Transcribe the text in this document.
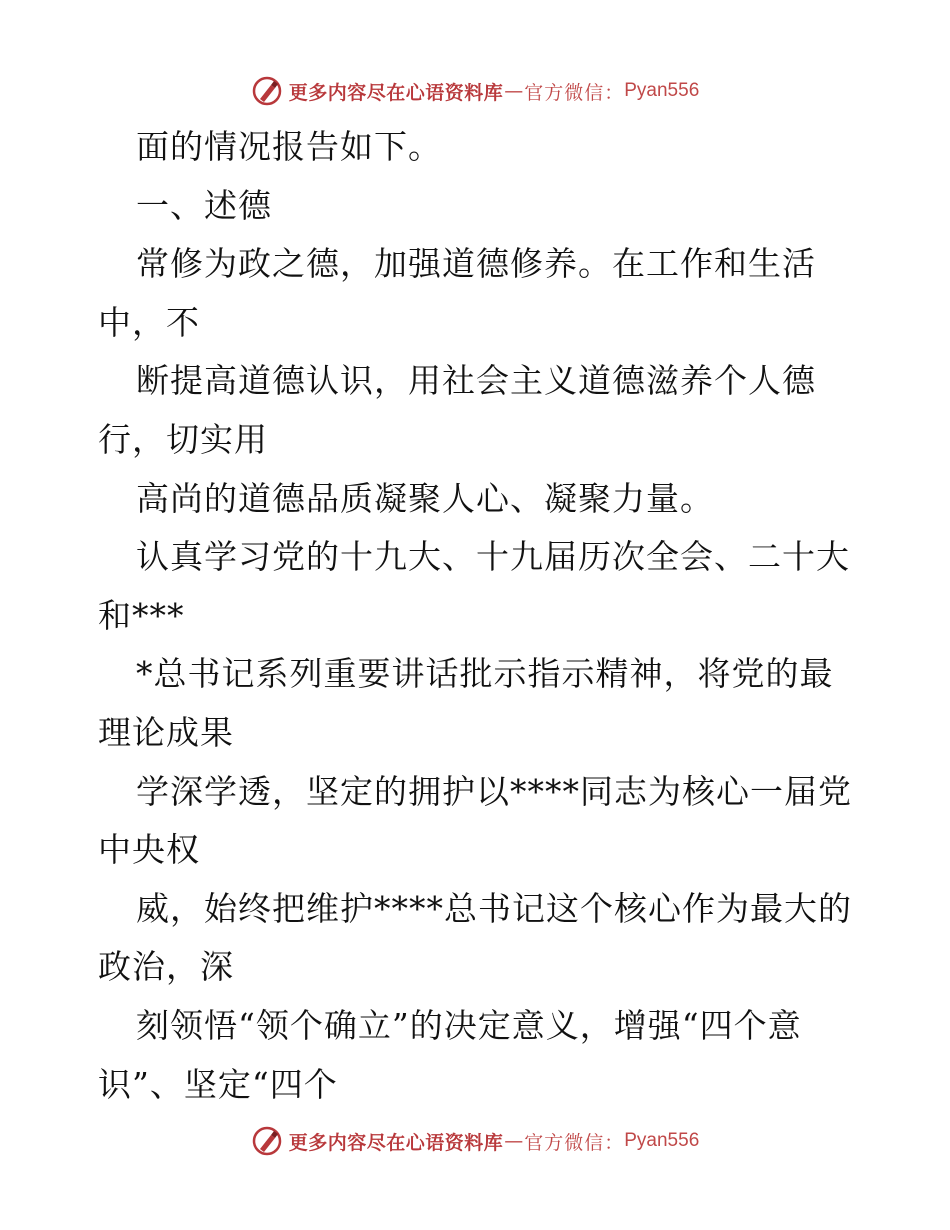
更多内容尽在心语资料库 — 官方微信： Pyan556
面的情况报告如下。
一、述德
常修为政之德，加强道德修养。在工作和生活
中，不
断提高道德认识，用社会主义道德滋养个人德
行，切实用
高尚的道德品质凝聚人心、凝聚力量。
认真学习党的十九大、十九届历次全会、二十大
和***
*总书记系列重要讲话批示指示精神，将党的最
理论成果
学深学透，坚定的拥护以****同志为核心一届党
中央权
威，始终把维护****总书记这个核心作为最大的
政治，深
刻领悟“领个确立”的决定意义，增强“四个意
识”、坚定“四个
更多内容尽在心语资料库 — 官方微信： Pyan556
